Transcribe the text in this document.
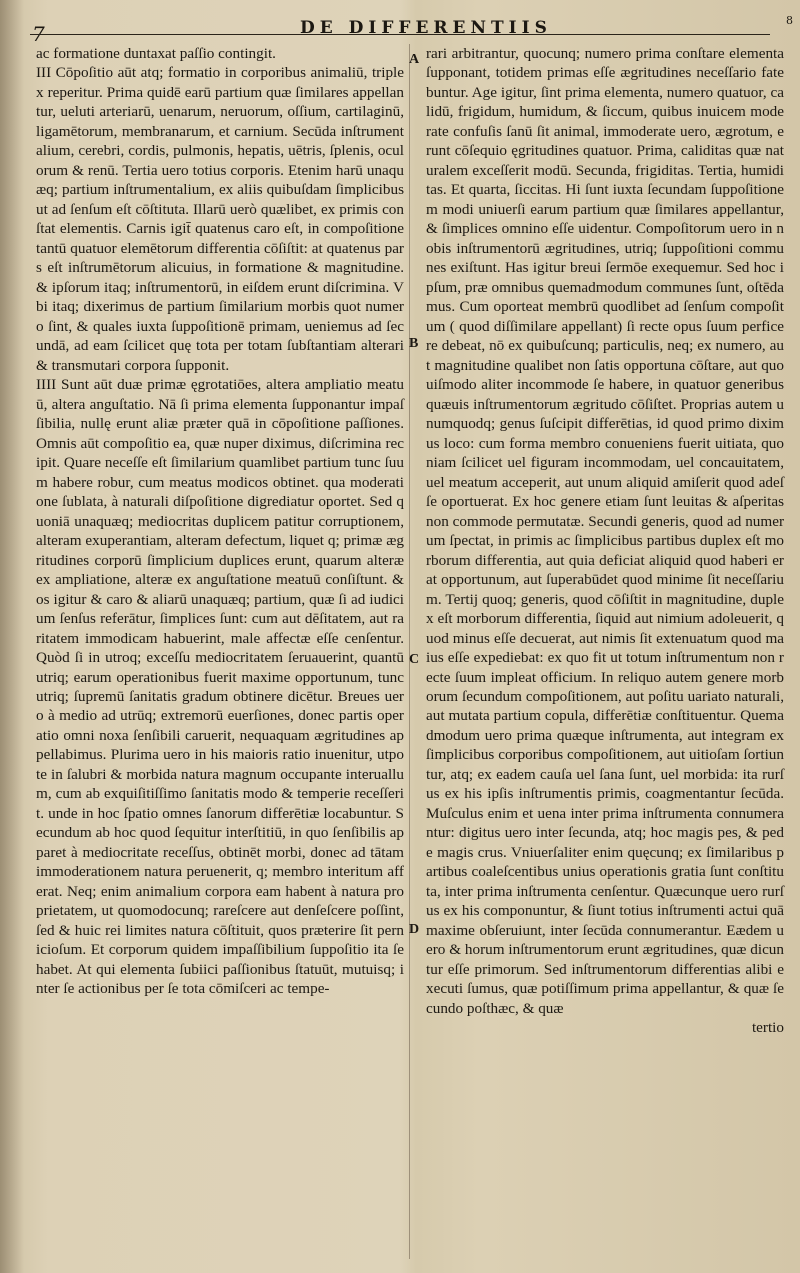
7	DE DIFFERENTIIS	8
A
B
C
D

ac formatione duntaxat paſſio contingit.

III Cōpoſitio aūt atq; formatio in corporibus animaliū, triplex reperitur. Prima quidē earū partium quæ ſimilares appellantur, ueluti arteriarū, uenarum, neruorum, oſſium, cartilaginū, ligamētorum, membranarum, et carnium. Secūda inſtrumentalium, cerebri, cordis, pulmonis, hepatis, uētris, ſplenis, oculorum & renū. Tertia uero totius corporis. Etenim harū unaquæq; partium inſtrumentalium, ex aliis quibuſdam ſimplicibus ut ad ſenſum eſt cōſtituta. Illarū uerò quælibet, ex primis conſtat elementis. Carnis igit̄ quatenus caro eſt, in compoſitione tantū quatuor elemētorum differentia cōſiſtit: at quatenus pars eſt inſtrumētorum alicuius, in formatione & magnitudine. & ipſorum itaq; inſtrumentorū, in eiſdem erunt diſcrimina. Vbi itaq; dixerimus de partium ſimilarium morbis quot numero ſint, & quales iuxta ſuppoſitionē primam, ueniemus ad ſecundā, ad eam ſcilicet quę tota per totam ſubſtantiam alterari & transmutari corpora ſupponit.

IIII Sunt aūt duæ primæ ęgrotatiōes, altera ampliatio meatuū, altera anguſtatio. Nā ſi prima elementa ſupponantur impaſſibilia, nullę erunt aliæ præter quā in cōpoſitione paſſiones. Omnis aūt compoſitio ea, quæ nuper diximus, diſcrimina recipit. Quare neceſſe eſt ſimilarium quamlibet partium tunc ſuum habere robur, cum meatus modicos obtinet. qua moderatione ſublata, à naturali diſpoſitione digrediatur oportet. Sed quoniā unaquæq; mediocritas duplicem patitur corruptionem, alteram exuperantiam, alteram defectum, liquet q; primæ ægritudines corporū ſimplicium duplices erunt, quarum alteræ ex ampliatione, alteræ ex anguſtatione meatuū conſiſtunt. & os igitur & caro & aliarū unaquæq; partium, quæ ſi ad iudicium ſenſus referātur, ſimplices ſunt: cum aut dēſitatem, aut raritatem immodicam habuerint, male affectæ eſſe cenſentur. Quòd ſi in utroq; exceſſu mediocritatem ſeruauerint, quantū utriq; earum operationibus fuerit maxime opportunum, tunc utriq; ſupremū ſanitatis gradum obtinere dicētur. Breues uero à medio ad utrūq; extremorū euerſiones, donec partis operatio omni noxa ſenſibili caruerit, nequaquam ægritudines appellabimus. Plurima uero in his maioris ratio inuenitur, utpote in ſalubri & morbida natura magnum occupante interuallum, cum ab exquiſitiſſimo ſanitatis modo & temperie receſſerit. unde in hoc ſpatio omnes ſanorum differētiæ locabuntur. Secundum ab hoc quod ſequitur interſtitiū, in quo ſenſibilis apparet à mediocritate receſſus, obtinēt morbi, donec ad tātam immoderationem natura peruenerit, q; membro interitum afferat. Neq; enim animalium corpora eam habent à natura proprietatem, ut quomodocunq; rareſcere aut denſeſcere poſſint, ſed & huic rei limites natura cōſtituit, quos præterire ſit pernicioſum. Et corporum quidem impaſſibilium ſuppoſitio ita ſe habet. At qui elementa ſubiici paſſionibus ſtatuūt, mutuisq; inter ſe actionibus per ſe tota cōmiſceri ac tempe-

rari arbitrantur, quocunq; numero prima conſtare elementa ſupponant, totidem primas eſſe ægritudines neceſſario fatebuntur. Age igitur, ſint prima elementa, numero quatuor, calidū, frigidum, humidum, & ſiccum, quibus inuicem moderate confuſis ſanū ſit animal, immoderate uero, ægrotum, erunt cōſequio ęgritudines quatuor. Prima, caliditas quæ naturalem exceſſerit modū. Secunda, frigiditas. Tertia, humiditas. Et quarta, ſiccitas. Hi ſunt iuxta ſecundam ſuppoſitionem modi uniuerſi earum partium quæ ſimilares appellantur, & ſimplices omnino eſſe uidentur. Compoſitorum uero in nobis inſtrumentorū ægritudines, utriq; ſuppoſitioni communes exiſtunt. Has igitur breui ſermōe exequemur. Sed hoc ipſum, præ omnibus quemadmodum communes ſunt, oſtēdamus. Cum oporteat membrū quodlibet ad ſenſum compoſitum ( quod diſſimilare appellant) ſi recte opus ſuum perficere debeat, nō ex quibuſcunq; particulis, neq; ex numero, aut magnitudine qualibet non ſatis opportuna cōſtare, aut quouiſmodo aliter incommode ſe habere, in quatuor generibus quæuis inſtrumentorum ægritudo cōſiſtet. Proprias autem unumquodq; genus ſuſcipit differētias, id quod primo diximus loco: cum forma membro conueniens fuerit uitiata, quoniam ſcilicet uel figuram incommodam, uel concauitatem, uel meatum acceperit, aut unum aliquid amiſerit quod adeſſe oportuerat. Ex hoc genere etiam ſunt leuitas & aſperitas non commode permutatæ. Secundi generis, quod ad numerum ſpectat, in primis ac ſimplicibus partibus duplex eſt morborum differentia, aut quia deficiat aliquid quod haberi erat opportunum, aut ſuperabūdet quod minime ſit neceſſarium. Tertij quoq; generis, quod cōſiſtit in magnitudine, duplex eſt morborum differentia, ſiquid aut nimium adoleuerit, quod minus eſſe decuerat, aut nimis ſit extenuatum quod maius eſſe expediebat: ex quo fit ut totum inſtrumentum non recte ſuum impleat officium. In reliquo autem genere morborum ſecundum compoſitionem, aut poſitu uariato naturali, aut mutata partium copula, differētiæ conſtituentur. Quemadmodum uero prima quæque inſtrumenta, aut integram ex ſimplicibus corporibus compoſitionem, aut uitioſam ſortiuntur, atq; ex eadem cauſa uel ſana ſunt, uel morbida: ita rurſus ex his ipſis inſtrumentis primis, coagmentantur ſecūda. Muſculus enim et uena inter prima inſtrumenta connumerantur: digitus uero inter ſecunda, atq; hoc magis pes, & pede magis crus. Vniuerſaliter enim quęcunq; ex ſimilaribus partibus coaleſcentibus unius operationis gratia ſunt conſtituta, inter prima inſtrumenta cenſentur. Quæcunque uero rurſus ex his componuntur, & ſiunt totius inſtrumenti actui quāmaxime obſeruiunt, inter ſecūda connumerantur. Eædem uero & horum inſtrumentorum erunt ægritudines, quæ dicuntur eſſe primorum. Sed inſtrumentorum differentias alibi executi ſumus, quæ potiſſimum prima appellantur, & quæ ſecundo poſthæc, & quæ

tertio
